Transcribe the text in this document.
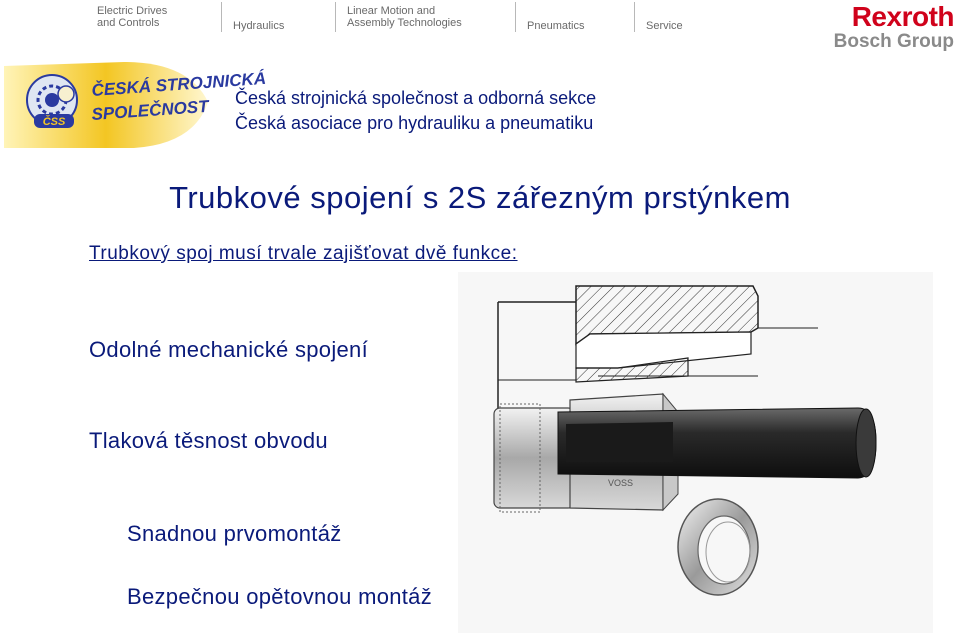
Electric Drives
and Controls	Hydraulics
Linear Motion and
Assembly Technologies	Pneumatics	Service	Rexroth
Bosch Group
ČSS
ČESKÁ STROJNICKÁ
SPOLEČNOST Česká strojnická společnost a odborná sekce
Česká asociace pro hydrauliku a pneumatiku
Trubkové spojení s 2S zářezným prstýnkem
Trubkový spoj musí trvale zajišťovat dvě funkce:
Odolné mechanické spojení
Tlaková těsnost obvodu
Snadnou prvomontáž
Bezpečnou opětovnou montáž
VOSS
